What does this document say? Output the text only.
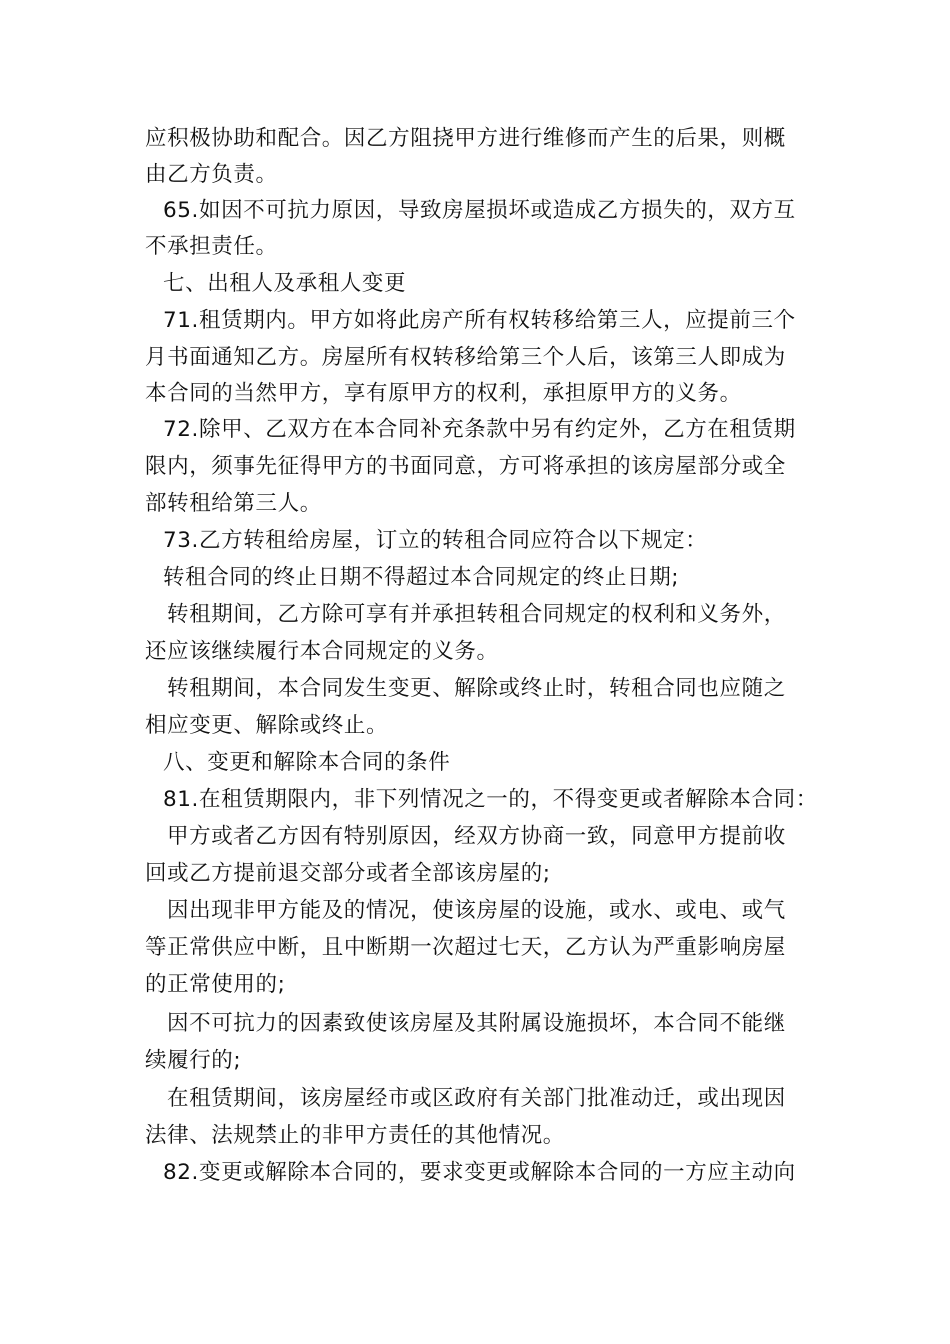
应积极协助和配合。因乙方阻挠甲方进行维修而产生的后果，则概
由乙方负责。
65.如因不可抗力原因，导致房屋损坏或造成乙方损失的，双方互
不承担责任。
七、出租人及承租人变更
71.租赁期内。甲方如将此房产所有权转移给第三人，应提前三个
月书面通知乙方。房屋所有权转移给第三个人后，该第三人即成为
本合同的当然甲方，享有原甲方的权利，承担原甲方的义务。
72.除甲、乙双方在本合同补充条款中另有约定外，乙方在租赁期
限内，须事先征得甲方的书面同意，方可将承担的该房屋部分或全
部转租给第三人。
73.乙方转租给房屋，订立的转租合同应符合以下规定：
转租合同的终止日期不得超过本合同规定的终止日期;
转租期间，乙方除可享有并承担转租合同规定的权利和义务外，
还应该继续履行本合同规定的义务。
转租期间，本合同发生变更、解除或终止时，转租合同也应随之
相应变更、解除或终止。
八、变更和解除本合同的条件
81.在租赁期限内，非下列情况之一的，不得变更或者解除本合同：
甲方或者乙方因有特别原因，经双方协商一致，同意甲方提前收
回或乙方提前退交部分或者全部该房屋的;
因出现非甲方能及的情况，使该房屋的设施，或水、或电、或气
等正常供应中断，且中断期一次超过七天，乙方认为严重影响房屋
的正常使用的;
因不可抗力的因素致使该房屋及其附属设施损坏，本合同不能继
续履行的;
在租赁期间，该房屋经市或区政府有关部门批准动迁，或出现因
法律、法规禁止的非甲方责任的其他情况。
82.变更或解除本合同的，要求变更或解除本合同的一方应主动向
